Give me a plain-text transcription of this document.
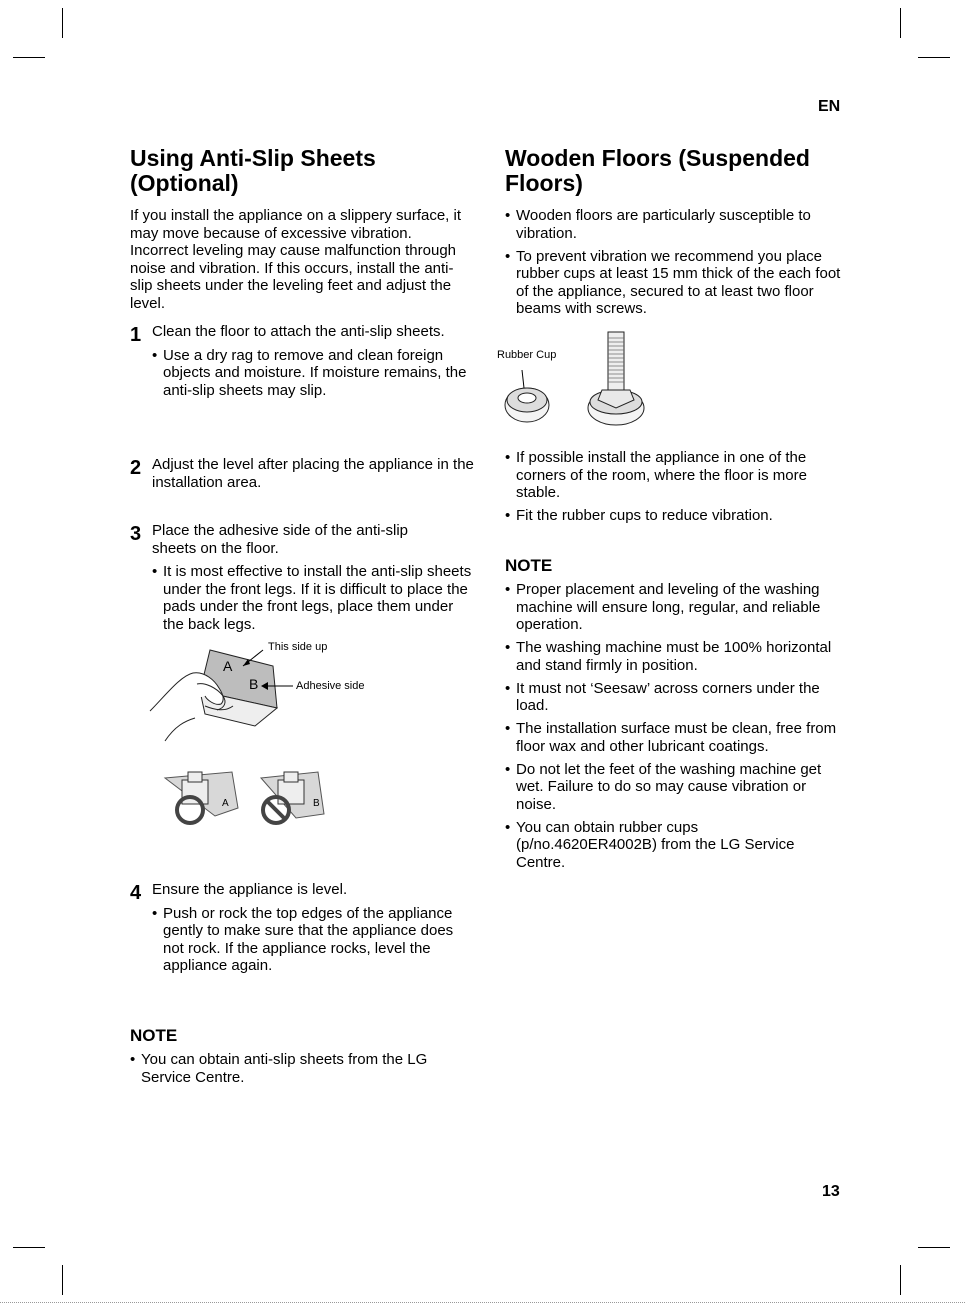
EN
Using Anti-Slip Sheets (Optional)
If you install the appliance on a slippery surface, it may move because of excessive vibration. Incorrect leveling may cause malfunction through noise and vibration. If this occurs, install the anti-slip sheets under the leveling feet and adjust the level.
1 Clean the floor to attach the anti-slip sheets.
• Use a dry rag to remove and clean foreign objects and moisture. If moisture remains, the anti-slip sheets may slip.
2 Adjust the level after placing the appliance in the installation area.
3 Place the adhesive side of the anti-slip sheets on the floor.
• It is most effective to install the anti-slip sheets under the front legs. If it is difficult to place the pads under the front legs, place them under the back legs.
This side up
Adhesive side
A
B
A	B
4 Ensure the appliance is level.
• Push or rock the top edges of the appliance gently to make sure that the appliance does not rock. If the appliance rocks, level the appliance again.
NOTE
• You can obtain anti-slip sheets from the LG Service Centre.
Wooden Floors (Suspended Floors)
• Wooden floors are particularly susceptible to vibration.
• To prevent vibration we recommend you place rubber cups at least 15 mm thick of the each foot of the appliance, secured to at least two floor beams with screws.
Rubber Cup
• If possible install the appliance in one of the corners of the room, where the floor is more stable.
• Fit the rubber cups to reduce vibration.
NOTE
• Proper placement and leveling of the washing machine will ensure long, regular, and reliable operation.
• The washing machine must be 100% horizontal and stand firmly in position.
• It must not ‘Seesaw’ across corners under the load.
• The installation surface must be clean, free from floor wax and other lubricant coatings.
• Do not let the feet of the washing machine get wet. Failure to do so may cause vibration or noise.
• You can obtain rubber cups (p/no.4620ER4002B) from the LG Service Centre.
13
